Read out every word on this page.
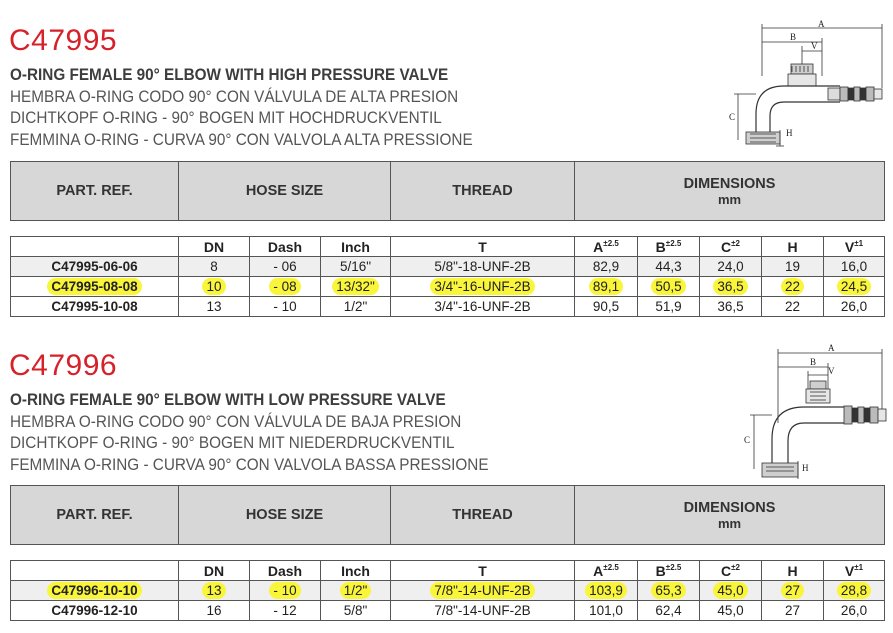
C47995
O-RING FEMALE 90° ELBOW WITH HIGH PRESSURE VALVE
HEMBRA O-RING CODO 90° CON VÁLVULA DE ALTA PRESION
DICHTKOPF O-RING - 90° BOGEN MIT HOCHDRUCKVENTIL
FEMMINA O-RING - CURVA 90° CON VALVOLA ALTA PRESSIONE
A
B
V
C
H
PART. REF.	HOSE SIZE	THREAD	DIMENSIONS
mm
	DN	Dash	Inch	T	$A^{\pm 2.5}$	$B^{\pm 2.5}$	$C^{\pm 2}$	H	$V^{\pm 1}$
C47995-06-06	8	- 06	5/16"	5/8"-18-UNF-2B	82,9	44,3	24,0	19	16,0
C47995-08-08	10	- 08	13/32"	3/4"-16-UNF-2B	89,1	50,5	36,5	22	24,5
C47995-10-08	13	- 10	1/2"	3/4"-16-UNF-2B	90,5	51,9	36,5	22	26,0
C47996
O-RING FEMALE 90° ELBOW WITH LOW PRESSURE VALVE
HEMBRA O-RING CODO 90° CON VÁLVULA DE BAJA PRESION
DICHTKOPF O-RING - 90° BOGEN MIT NIEDERDRUCKVENTIL
FEMMINA O-RING - CURVA 90° CON VALVOLA BASSA PRESSIONE
A
B
V
C
H
PART. REF.	HOSE SIZE	THREAD	DIMENSIONS
mm
	DN	Dash	Inch	T	$A^{\pm 2.5}$	$B^{\pm 2.5}$	$C^{\pm 2}$	H	$V^{\pm 1}$
C47996-10-10	13	- 10	1/2"	7/8"-14-UNF-2B	103,9	65,3	45,0	27	28,8
C47996-12-10	16	- 12	5/8"	7/8"-14-UNF-2B	101,0	62,4	45,0	27	26,0
